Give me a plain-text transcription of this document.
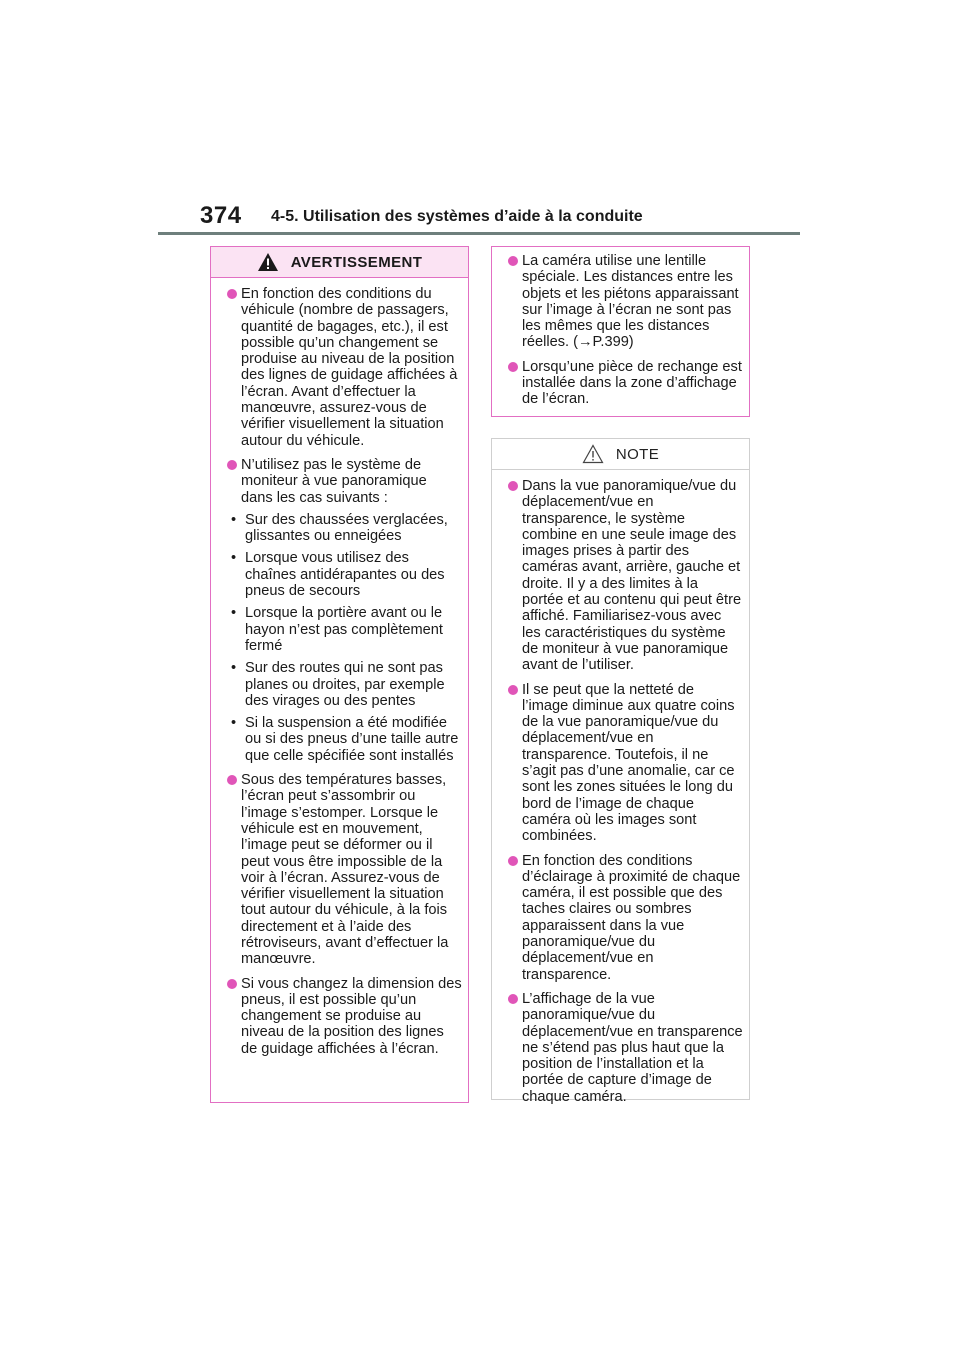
374 4-5. Utilisation des systèmes d’aide à la conduite
AVERTISSEMENT
En fonction des conditions du véhicule (nombre de passagers, quantité de bagages, etc.), il est possible qu’un changement se produise au niveau de la position des lignes de guidage affichées à l’écran. Avant d’effectuer la manœuvre, assurez-vous de vérifier visuellement la situation autour du véhicule.
N’utilisez pas le système de moniteur à vue panoramique dans les cas suivants :
• Sur des chaussées verglacées, glissantes ou enneigées
• Lorsque vous utilisez des chaînes antidérapantes ou des pneus de secours
• Lorsque la portière avant ou le hayon n’est pas complètement fermé
• Sur des routes qui ne sont pas planes ou droites, par exemple des virages ou des pentes
• Si la suspension a été modifiée ou si des pneus d’une taille autre que celle spécifiée sont installés
Sous des températures basses, l’écran peut s’assombrir ou l’image s’estomper. Lorsque le véhicule est en mouvement, l’image peut se déformer ou il peut vous être impossible de la voir à l’écran. Assurez-vous de vérifier visuellement la situation tout autour du véhicule, à la fois directement et à l’aide des rétroviseurs, avant d’effectuer la manœuvre.
Si vous changez la dimension des pneus, il est possible qu’un changement se produise au niveau de la position des lignes de guidage affichées à l’écran.
La caméra utilise une lentille spéciale. Les distances entre les objets et les piétons apparaissant sur l’image à l’écran ne sont pas les mêmes que les distances réelles. (→P.399)
Lorsqu’une pièce de rechange est installée dans la zone d’affichage de l’écran.
NOTE
Dans la vue panoramique/vue du déplacement/vue en transparence, le système combine en une seule image des images prises à partir des caméras avant, arrière, gauche et droite. Il y a des limites à la portée et au contenu qui peut être affiché. Familiarisez-vous avec les caractéristiques du système de moniteur à vue panoramique avant de l’utiliser.
Il se peut que la netteté de l’image diminue aux quatre coins de la vue panoramique/vue du déplacement/vue en transparence. Toutefois, il ne s’agit pas d’une anomalie, car ce sont les zones situées le long du bord de l’image de chaque caméra où les images sont combinées.
En fonction des conditions d’éclairage à proximité de chaque caméra, il est possible que des taches claires ou sombres apparaissent dans la vue panoramique/vue du déplacement/vue en transparence.
L’affichage de la vue panoramique/vue du déplacement/vue en transparence ne s’étend pas plus haut que la position de l’installation et la portée de capture d’image de chaque caméra.
